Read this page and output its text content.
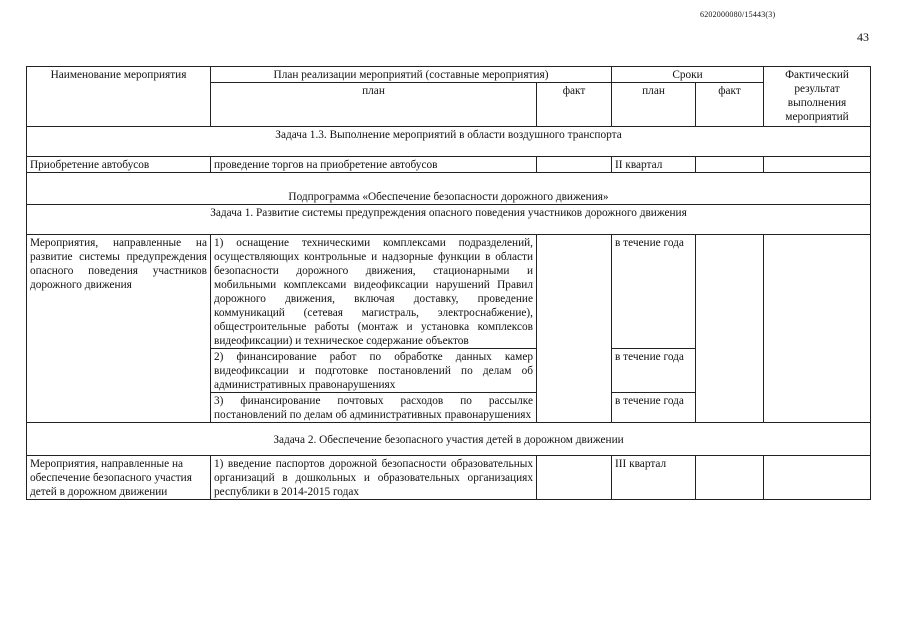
6202000080/15443(3)
43
Наименование мероприятия	План реализации мероприятий (составные мероприятия)		Сроки		Фактический результат выполнения мероприятий
	план	факт	план	факт	
Задача 1.3. Выполнение мероприятий в области воздушного транспорта					
Приобретение автобусов	проведение торгов на приобретение автобусов		II квартал		
Подпрограмма «Обеспечение безопасности дорожного движения»					
Задача 1. Развитие системы предупреждения опасного поведения участников дорожного движения					
Мероприятия, направленные на развитие системы предупреждения опасного поведения участников дорожного движения	1) оснащение техническими комплексами подразделений, осуществляющих контрольные и надзорные функции в области безопасности дорожного движения, стационарными и мобильными комплексами видеофиксации нарушений Правил дорожного движения, включая доставку, проведение коммуникаций (сетевая магистраль, электроснабжение), общестроительные работы (монтаж и установка комплексов видеофиксации) и техническое содержание объектов		в течение года		
	2) финансирование работ по обработке данных камер видеофиксации и подготовке постановлений по делам об административных правонарушениях		в течение года		
	3) финансирование почтовых расходов по рассылке постановлений по делам об административных правонарушениях		в течение года		
Задача 2. Обеспечение безопасного участия детей в дорожном движении					
Мероприятия, направленные на обеспечение безопасного участия детей в дорожном движении	1) введение паспортов дорожной безопасности образовательных организаций в дошкольных и образовательных организациях республики в 2014-2015 годах		III квартал		
